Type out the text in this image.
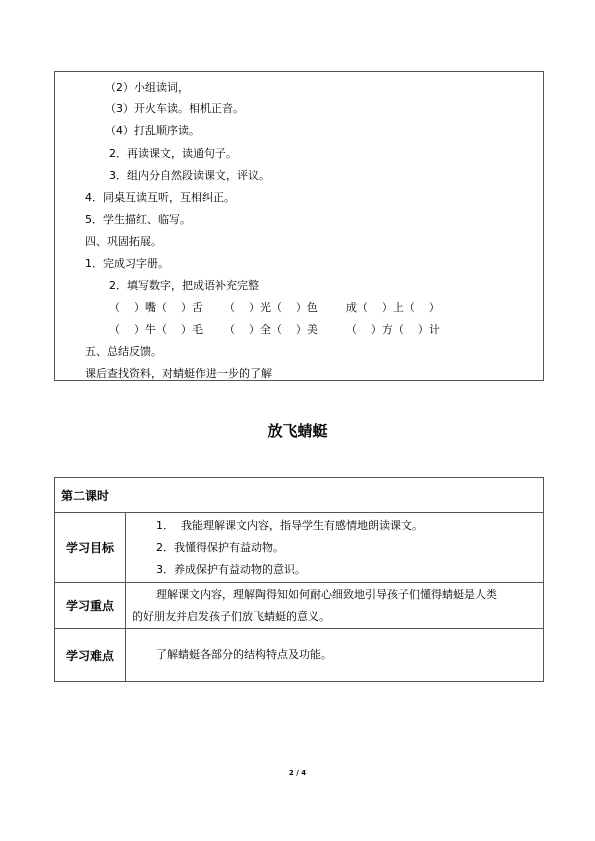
（2）小组读词，
（3）开火车读。相机正音。
（4）打乱顺序读。
2．再读课文，读通句子。
3．组内分自然段读课文，评议。
4．同桌互读互听，互相纠正。
5．学生描红、临写。
四、巩固拓展。
1．完成习字册。
2．填写数字，把成语补充完整
（    ）嘴（    ）舌      （    ）光（    ）色        成（    ）上（    ）
（    ）牛（    ）毛      （    ）全（    ）美        （    ）方（    ）计
五、总结反馈。
课后查找资料，对蜻蜓作进一步的了解
放飞蜻蜓
第二课时	
学习目标	1．  我能理解课文内容，指导学生有感情地朗读课文。
2．我懂得保护有益动物。
3．养成保护有益动物的意识。

学习重点	理解课文内容，理解陶得知如何耐心细致地引导孩子们懂得蜻蜓是人类
的好朋友并启发孩子们放飞蜻蜓的意义。

学习难点	了解蜻蜓各部分的结构特点及功能。
2 / 4
